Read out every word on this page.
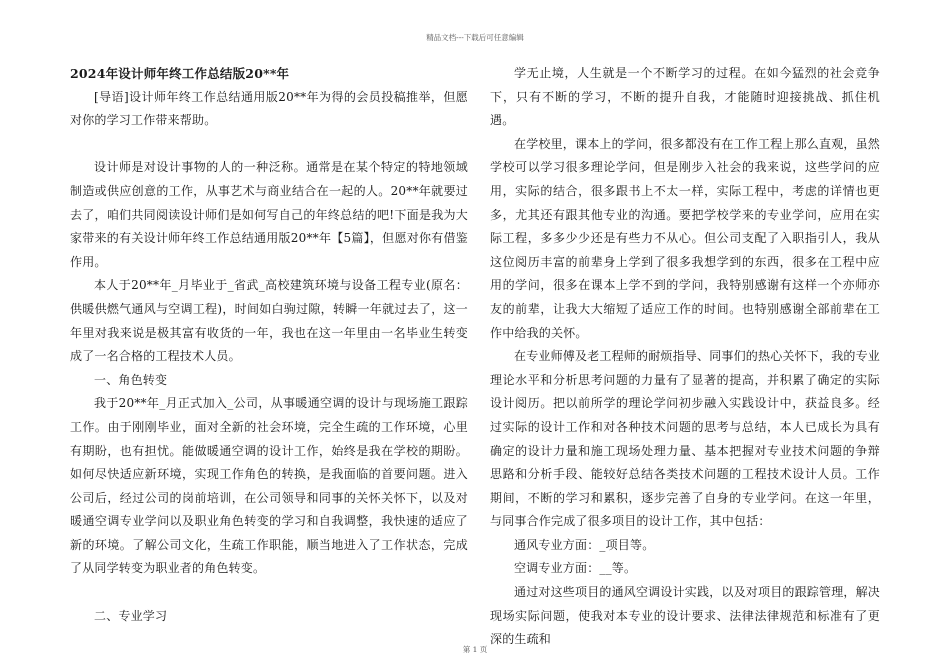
精品文档---下载后可任意编辑

2024年设计师年终工作总结版20**年

[导语]设计师年终工作总结通用版20**年为得的会员投稿推举，但愿对你的学习工作带来帮助。

设计师是对设计事物的人的一种泛称。通常是在某个特定的特地领域制造或供应创意的工作，从事艺术与商业结合在一起的人。20**年就要过去了，咱们共同阅读设计师们是如何写自己的年终总结的吧!下面是我为大家带来的有关设计师年终工作总结通用版20**年【5篇】，但愿对你有借鉴作用。

本人于20**年_月毕业于_省武_高校建筑环境与设备工程专业(原名：供暖供燃气通风与空调工程)，时间如白驹过隙，转瞬一年就过去了，这一年里对我来说是极其富有收货的一年，我也在这一年里由一名毕业生转变成了一名合格的工程技术人员。

一、角色转变

我于20**年_月正式加入_公司，从事暖通空调的设计与现场施工跟踪工作。由于刚刚毕业，面对全新的社会环境，完全生疏的工作环境，心里有期盼，也有担忧。能做暖通空调的设计工作，始终是我在学校的期盼。如何尽快适应新环境，实现工作角色的转换，是我面临的首要问题。进入公司后，经过公司的岗前培训，在公司领导和同事的关怀关怀下，以及对暖通空调专业学问以及职业角色转变的学习和自我调整，我快速的适应了新的环境。了解公司文化，生疏工作职能，顺当地进入了工作状态，完成了从同学转变为职业者的角色转变。

二、专业学习

学无止境，人生就是一个不断学习的过程。在如今猛烈的社会竞争下，只有不断的学习，不断的提升自我，才能随时迎接挑战、抓住机遇。

在学校里，课本上的学问，很多都没有在工作工程上那么直观，虽然学校可以学习很多理论学问，但是刚步入社会的我来说，这些学问的应用，实际的结合，很多跟书上不太一样，实际工程中，考虑的详情也更多，尤其还有跟其他专业的沟通。要把学校学来的专业学问，应用在实际工程，多多少少还是有些力不从心。但公司支配了入职指引人，我从这位阅历丰富的前辈身上学到了很多我想学到的东西，很多在工程中应用的学问，很多在课本上学不到的学问，我特别感谢有这样一个亦师亦友的前辈，让我大大缩短了适应工作的时间。也特别感谢全部前辈在工作中给我的关怀。

在专业师傅及老工程师的耐烦指导、同事们的热心关怀下，我的专业理论水平和分析思考问题的力量有了显著的提高，并积累了确定的实际设计阅历。把以前所学的理论学问初步融入实践设计中，获益良多。经过实际的设计工作和对各种技术问题的思考与总结，本人已成长为具有确定的设计力量和施工现场处理力量、基本把握对专业技术问题的争辩思路和分析手段、能较好总结各类技术问题的工程技术设计人员。工作期间，不断的学习和累积，逐步完善了自身的专业学问。在这一年里，与同事合作完成了很多项目的设计工作，其中包括：

通风专业方面：_项目等。

空调专业方面：__等。

通过对这些项目的通风空调设计实践，以及对项目的跟踪管理，解决现场实际问题，使我对本专业的设计要求、法律法律规范和标准有了更深的生疏和

第 1 页
